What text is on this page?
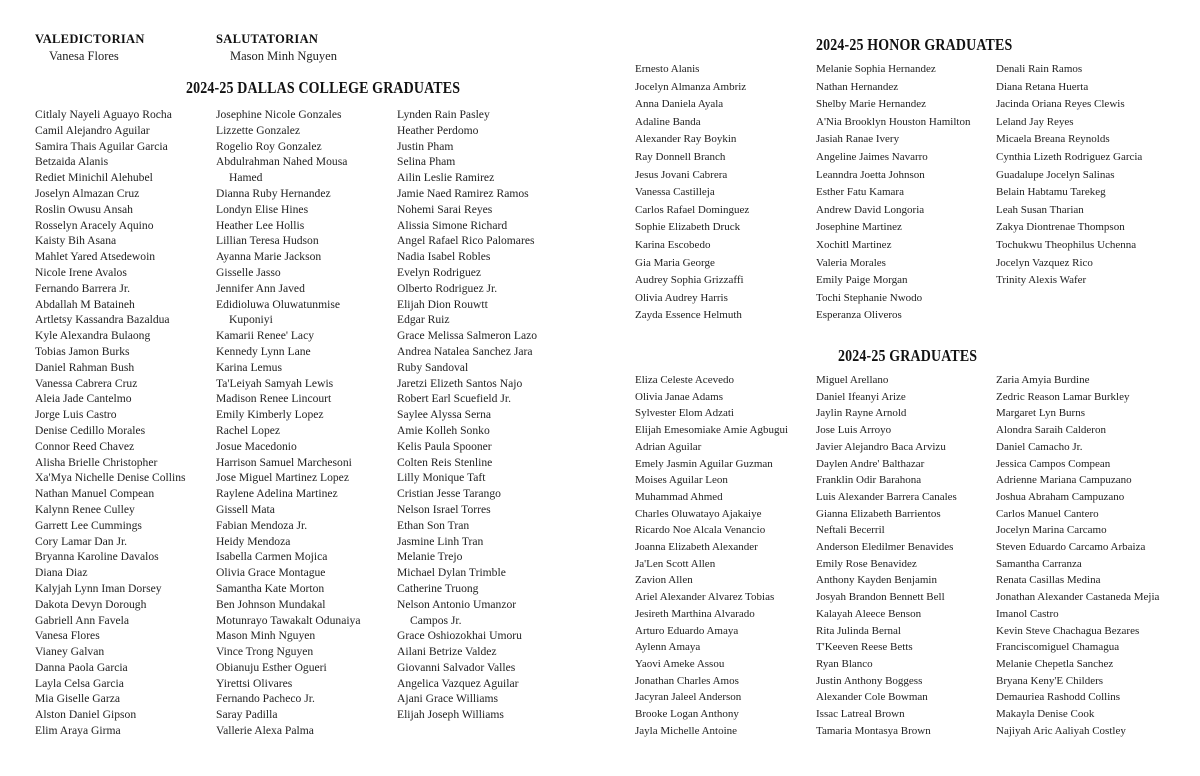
VALEDICTORIAN
Vanesa Flores
SALUTATORIAN
Mason Minh Nguyen
2024-25 DALLAS COLLEGE GRADUATES
Citlaly Nayeli Aguayo Rocha
Camil Alejandro Aguilar
Samira Thais Aguilar Garcia
Betzaida Alanis
Rediet Minichil Alehubel
Joselyn Almazan Cruz
Roslin Owusu Ansah
Rosselyn Aracely Aquino
Kaisty Bih Asana
Mahlet Yared Atsedewoin
Nicole Irene Avalos
Fernando Barrera Jr.
Abdallah M Bataineh
Artletsy Kassandra Bazaldua
Kyle Alexandra Bulaong
Tobias Jamon Burks
Daniel Rahman Bush
Vanessa Cabrera Cruz
Aleia Jade Cantelmo
Jorge Luis Castro
Denise Cedillo Morales
Connor Reed Chavez
Alisha Brielle Christopher
Xa'Mya Nichelle Denise Collins
Nathan Manuel Compean
Kalynn Renee Culley
Garrett Lee Cummings
Cory Lamar Dan Jr.
Bryanna Karoline Davalos
Diana Diaz
Kalyjah Lynn Iman Dorsey
Dakota Devyn Dorough
Gabriell Ann Favela
Vanesa Flores
Vianey Galvan
Danna Paola Garcia
Layla Celsa Garcia
Mia Giselle Garza
Alston Daniel Gipson
Elim Araya Girma
Josephine Nicole Gonzales
Lizzette Gonzalez
Rogelio Roy Gonzalez
Abdulrahman Nahed Mousa
Hamed
Dianna Ruby Hernandez
Londyn Elise Hines
Heather Lee Hollis
Lillian Teresa Hudson
Ayanna Marie Jackson
Gisselle Jasso
Jennifer Ann Javed
Edidioluwa Oluwatunmise
Kuponiyi
Kamarii Renee' Lacy
Kennedy Lynn Lane
Karina Lemus
Ta'Leiyah Samyah Lewis
Madison Renee Lincourt
Emily Kimberly Lopez
Rachel Lopez
Josue Macedonio
Harrison Samuel Marchesoni
Jose Miguel Martinez Lopez
Raylene Adelina Martinez
Gissell Mata
Fabian Mendoza Jr.
Heidy Mendoza
Isabella Carmen Mojica
Olivia Grace Montague
Samantha Kate Morton
Ben Johnson Mundakal
Motunrayo Tawakalt Odunaiya
Mason Minh Nguyen
Vince Trong Nguyen
Obianuju Esther Ogueri
Yirettsi Olivares
Fernando Pacheco Jr.
Saray Padilla
Vallerie Alexa Palma
Lynden Rain Pasley
Heather Perdomo
Justin Pham
Selina Pham
Ailin Leslie Ramirez
Jamie Naed Ramirez Ramos
Nohemi Sarai Reyes
Alissia Simone Richard
Angel Rafael Rico Palomares
Nadia Isabel Robles
Evelyn Rodriguez
Olberto Rodriguez Jr.
Elijah Dion Rouwtt
Edgar Ruiz
Grace Melissa Salmeron Lazo
Andrea Natalea Sanchez Jara
Ruby Sandoval
Jaretzi Elizeth Santos Najo
Robert Earl Scuefield Jr.
Saylee Alyssa Serna
Amie Kolleh Sonko
Kelis Paula Spooner
Colten Reis Stenline
Lilly Monique Taft
Cristian Jesse Tarango
Nelson Israel Torres
Ethan Son Tran
Jasmine Linh Tran
Melanie Trejo
Michael Dylan Trimble
Catherine Truong
Nelson Antonio Umanzor
Campos Jr.
Grace Oshiozokhai Umoru
Ailani Betrize Valdez
Giovanni Salvador Valles
Angelica Vazquez Aguilar
Ajani Grace Williams
Elijah Joseph Williams
2024-25 HONOR GRADUATES
Ernesto Alanis
Jocelyn Almanza Ambriz
Anna Daniela Ayala
Adaline Banda
Alexander Ray Boykin
Ray Donnell Branch
Jesus Jovani Cabrera
Vanessa Castilleja
Carlos Rafael Dominguez
Sophie Elizabeth Druck
Karina Escobedo
Gia Maria George
Audrey Sophia Grizzaffi
Olivia Audrey Harris
Zayda Essence Helmuth
Melanie Sophia Hernandez
Nathan Hernandez
Shelby Marie Hernandez
A'Nia Brooklyn Houston Hamilton
Jasiah Ranae Ivery
Angeline Jaimes Navarro
Leanndra Joetta Johnson
Esther Fatu Kamara
Andrew David Longoria
Josephine Martinez
Xochitl Martinez
Valeria Morales
Emily Paige Morgan
Tochi Stephanie Nwodo
Esperanza Oliveros
Denali Rain Ramos
Diana Retana Huerta
Jacinda Oriana Reyes Clewis
Leland Jay Reyes
Micaela Breana Reynolds
Cynthia Lizeth Rodriguez Garcia
Guadalupe Jocelyn Salinas
Belain Habtamu Tarekeg
Leah Susan Tharian
Zakya Diontrenae Thompson
Tochukwu Theophilus Uchenna
Jocelyn Vazquez Rico
Trinity Alexis Wafer
2024-25 GRADUATES
Eliza Celeste Acevedo
Olivia Janae Adams
Sylvester Elom Adzati
Elijah Emesomiake Amie Agbugui
Adrian Aguilar
Emely Jasmin Aguilar Guzman
Moises Aguilar Leon
Muhammad Ahmed
Charles Oluwatayo Ajakaiye
Ricardo Noe Alcala Venancio
Joanna Elizabeth Alexander
Ja'Len Scott Allen
Zavion Allen
Ariel Alexander Alvarez Tobias
Jesireth Marthina Alvarado
Arturo Eduardo Amaya
Aylenn Amaya
Yaovi Ameke Assou
Jonathan Charles Amos
Jacyran Jaleel Anderson
Brooke Logan Anthony
Jayla Michelle Antoine
Miguel Arellano
Daniel Ifeanyi Arize
Jaylin Rayne Arnold
Jose Luis Arroyo
Javier Alejandro Baca Arvizu
Daylen Andre' Balthazar
Franklin Odir Barahona
Luis Alexander Barrera Canales
Gianna Elizabeth Barrientos
Neftali Becerril
Anderson Eledilmer Benavides
Emily Rose Benavidez
Anthony Kayden Benjamin
Josyah Brandon Bennett Bell
Kalayah Aleece Benson
Rita Julinda Bernal
T'Keeven Reese Betts
Ryan Blanco
Justin Anthony Boggess
Alexander Cole Bowman
Issac Latreal Brown
Tamaria Montasya Brown
Zaria Amyia Burdine
Zedric Reason Lamar Burkley
Margaret Lyn Burns
Alondra Saraih Calderon
Daniel Camacho Jr.
Jessica Campos Compean
Adrienne Mariana Campuzano
Joshua Abraham Campuzano
Carlos Manuel Cantero
Jocelyn Marina Carcamo
Steven Eduardo Carcamo Arbaiza
Samantha Carranza
Renata Casillas Medina
Jonathan Alexander Castaneda Mejia
Imanol Castro
Kevin Steve Chachagua Bezares
Franciscomiguel Chamagua
Melanie Chepetla Sanchez
Bryana Keny'E Childers
Demauriea Rashodd Collins
Makayla Denise Cook
Najiyah Aric Aaliyah Costley
